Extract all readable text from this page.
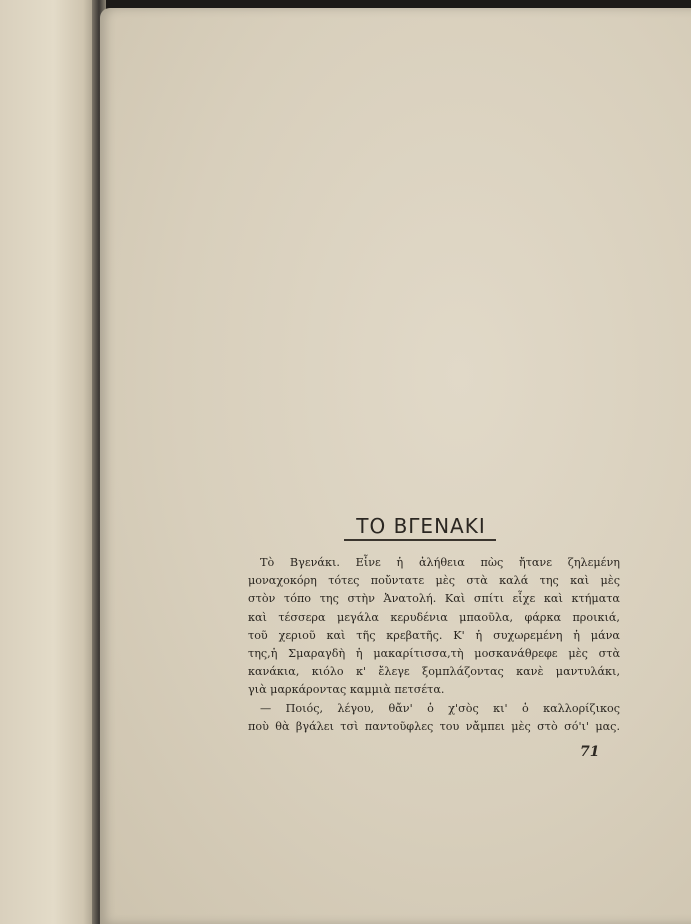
ΤΟ ΒΓΕΝΑΚΙ
Τὸ Βγενάκι. Εἶνε ἡ ἀλήθεια πὼς ἤτανε ζηλεμένη
μοναχοκόρη τότες ποὔντατε μὲς στὰ καλά της καὶ μὲς
στὸν τόπο της στὴν Ἀνατολή. Καὶ σπίτι εἶχε καὶ κτήματα
καὶ τέσσερα μεγάλα κερυδένια μπαοῦλα, φάρκα προικιά,
τοῦ χεριοῦ καὶ τῆς κρεβατῆς. Κ' ἡ συχωρεμένη ἡ μάνα
της,ἡ Σμαραγδὴ ἡ μακαρίτισσα,τὴ μοσκανάθρεφε μὲς στὰ
κανάκια, κιόλο κ' ἔλεγε ξομπλάζοντας κανὲ μαντυλάκι,
γιὰ μαρκάροντας καμμιὰ πετσέτα.
— Ποιός, λέγου, θἄν' ὁ χ'σὸς κι' ὁ καλλορίζικος
ποὺ θὰ βγάλει τσὶ παντοῦφλες του νἄμπει μὲς στὸ σό'ι' μας.
71
